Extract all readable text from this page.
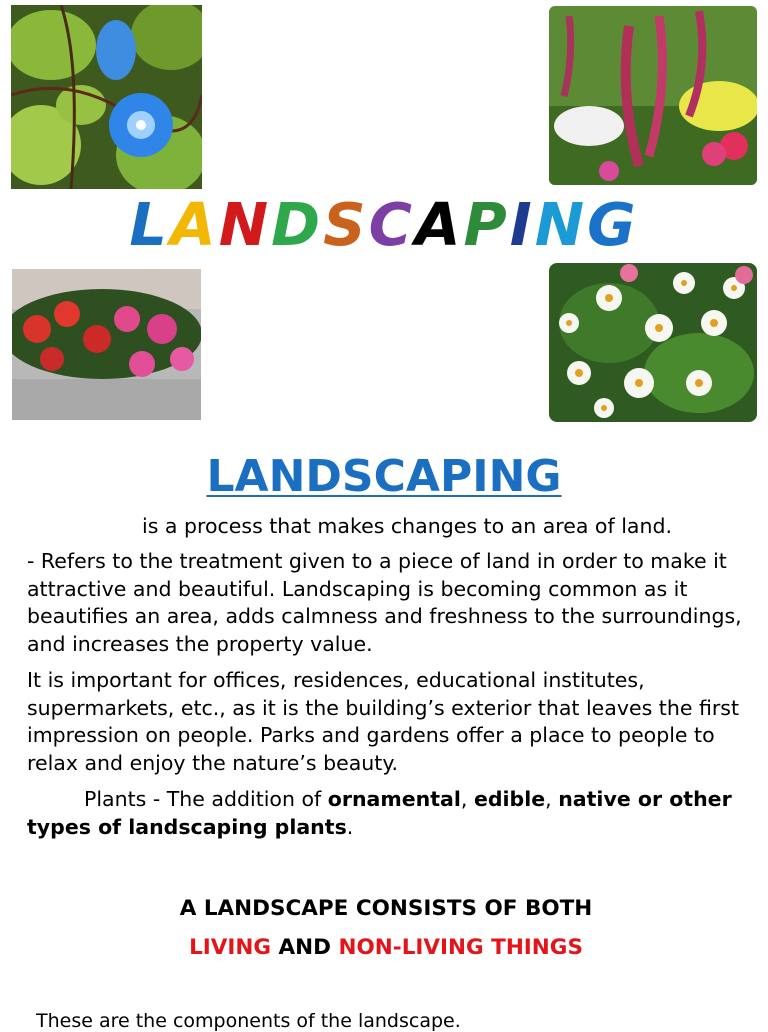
LANDSCAPING
LANDSCAPING
is a process that makes changes to an area of land.
- Refers to the treatment given to a piece of land in order to make it attractive and beautiful. Landscaping is becoming common as it beautifies an area, adds calmness and freshness to the surroundings, and increases the property value.
It is important for offices, residences, educational institutes, supermarkets, etc., as it is the building’s exterior that leaves the first impression on people. Parks and gardens offer a place to people to relax and enjoy the nature’s beauty.
Plants - The addition of ornamental, edible, native or other types of landscaping plants.
A LANDSCAPE CONSISTS OF BOTH
LIVING AND NON-LIVING THINGS
These are the components of the landscape.
